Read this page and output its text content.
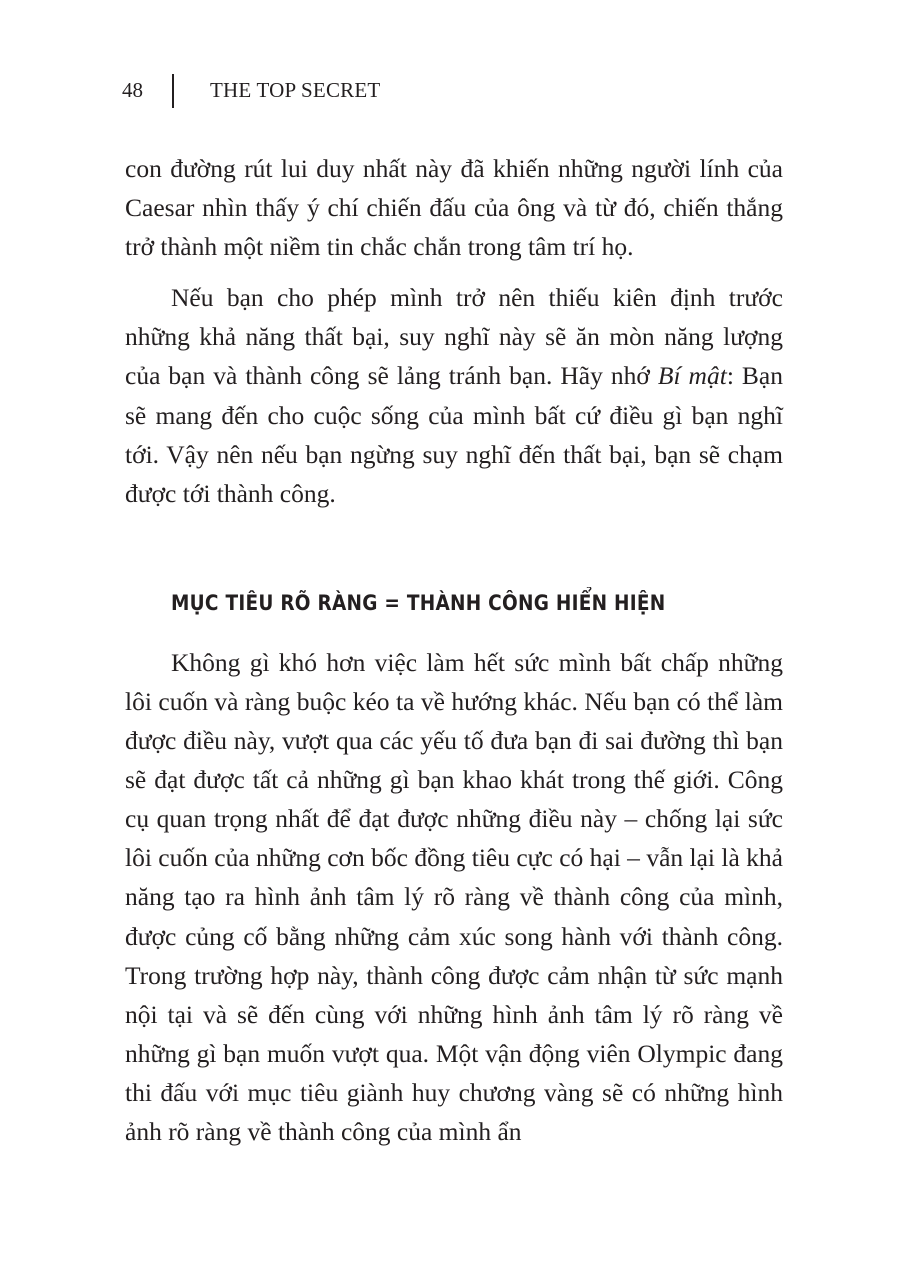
48	THE TOP SECRET

con đường rút lui duy nhất này đã khiến những người lính của Caesar nhìn thấy ý chí chiến đấu của ông và từ đó, chiến thắng trở thành một niềm tin chắc chắn trong tâm trí họ.

Nếu bạn cho phép mình trở nên thiếu kiên định trước những khả năng thất bại, suy nghĩ này sẽ ăn mòn năng lượng của bạn và thành công sẽ lảng tránh bạn. Hãy nhớ Bí mật: Bạn sẽ mang đến cho cuộc sống của mình bất cứ điều gì bạn nghĩ tới. Vậy nên nếu bạn ngừng suy nghĩ đến thất bại, bạn sẽ chạm được tới thành công.

MỤC TIÊU RÕ RÀNG = THÀNH CÔNG HIỂN HIỆN

Không gì khó hơn việc làm hết sức mình bất chấp những lôi cuốn và ràng buộc kéo ta về hướng khác. Nếu bạn có thể làm được điều này, vượt qua các yếu tố đưa bạn đi sai đường thì bạn sẽ đạt được tất cả những gì bạn khao khát trong thế giới. Công cụ quan trọng nhất để đạt được những điều này – chống lại sức lôi cuốn của những cơn bốc đồng tiêu cực có hại – vẫn lại là khả năng tạo ra hình ảnh tâm lý rõ ràng về thành công của mình, được củng cố bằng những cảm xúc song hành với thành công. Trong trường hợp này, thành công được cảm nhận từ sức mạnh nội tại và sẽ đến cùng với những hình ảnh tâm lý rõ ràng về những gì bạn muốn vượt qua. Một vận động viên Olympic đang thi đấu với mục tiêu giành huy chương vàng sẽ có những hình ảnh rõ ràng về thành công của mình ẩn
